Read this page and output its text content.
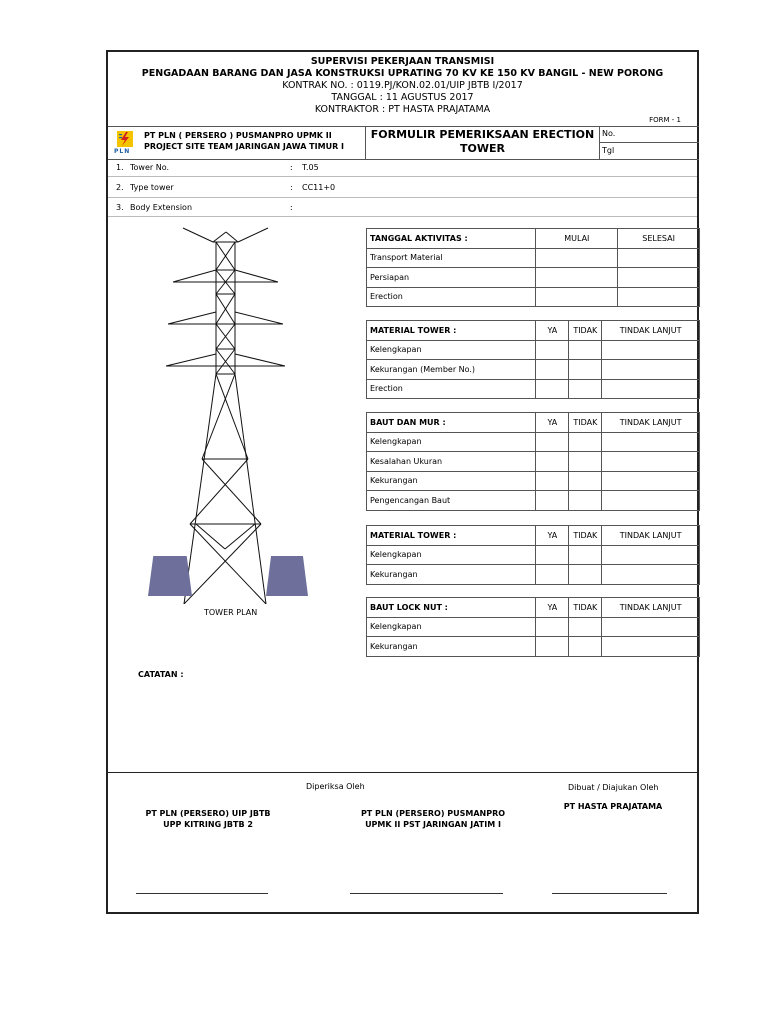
SUPERVISI PEKERJAAN TRANSMISI
PENGADAAN BARANG DAN JASA KONSTRUKSI UPRATING 70 KV KE 150 KV BANGIL - NEW PORONG
KONTRAK NO. : 0119.PJ/KON.02.01/UIP JBTB I/2017
TANGGAL : 11 AGUSTUS 2017
KONTRAKTOR : PT HASTA PRAJATAMA
FORM - 1
PLN
PT PLN ( PERSERO ) PUSMANPRO UPMK II
PROJECT SITE TEAM JARINGAN JAWA TIMUR I
FORMULIR PEMERIKSAAN ERECTION
TOWER
No.
Tgl
1. Tower No.	: T.05
2. Type tower	: CC11+0
3. Body Extension	:
TOWER PLAN
TANGGAL AKTIVITAS :	MULAI	SELESAI
Transport Material		
Persiapan		
Erection		
MATERIAL TOWER :	YA	TIDAK	TINDAK LANJUT
Kelengkapan			
Kekurangan (Member No.)			
Erection			
BAUT DAN MUR :	YA	TIDAK	TINDAK LANJUT
Kelengkapan			
Kesalahan Ukuran			
Kekurangan			
Pengencangan Baut			
MATERIAL TOWER :	YA	TIDAK	TINDAK LANJUT
Kelengkapan			
Kekurangan			
BAUT LOCK NUT :	YA	TIDAK	TINDAK LANJUT
Kelengkapan			
Kekurangan			
CATATAN :
Diperiksa Oleh	Dibuat / Diajukan Oleh
PT PLN (PERSERO) UIP JBTB
UPP KITRING JBTB 2
PT PLN (PERSERO) PUSMANPRO
UPMK II PST JARINGAN JATIM I
PT HASTA PRAJATAMA
